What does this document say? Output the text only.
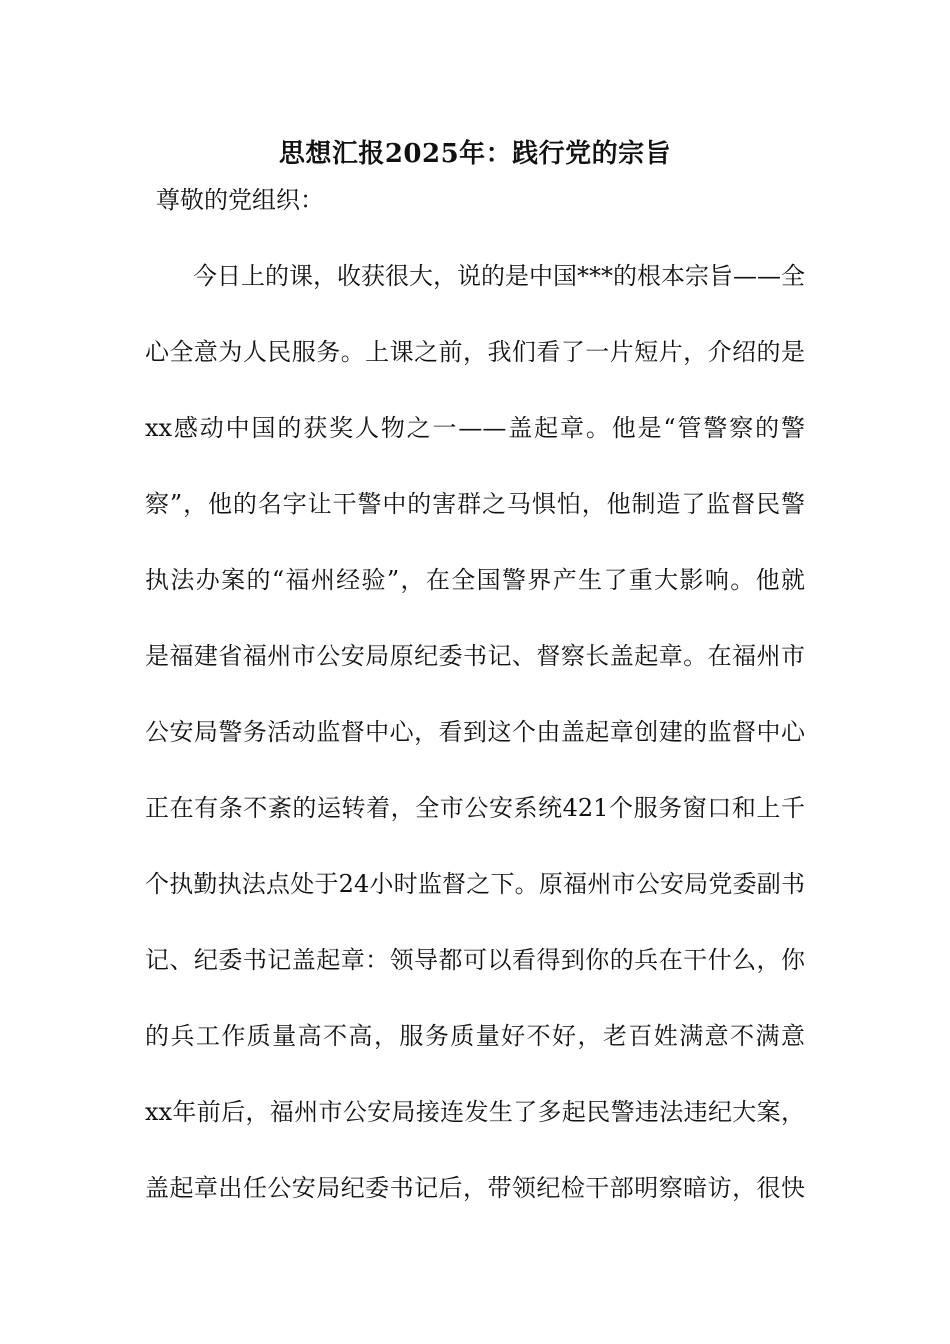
思想汇报2025年：践行党的宗旨
尊敬的党组织：
今日上的课，收获很大，说的是中国***的根本宗旨——全
心全意为人民服务。上课之前，我们看了一片短片，介绍的是
xx感动中国的获奖人物之一——盖起章。他是“管警察的警
察”，他的名字让干警中的害群之马惧怕，他制造了监督民警
执法办案的“福州经验”，在全国警界产生了重大影响。他就
是福建省福州市公安局原纪委书记、督察长盖起章。在福州市
公安局警务活动监督中心，看到这个由盖起章创建的监督中心
正在有条不紊的运转着，全市公安系统421个服务窗口和上千
个执勤执法点处于24小时监督之下。原福州市公安局党委副书
记、纪委书记盖起章：领导都可以看得到你的兵在干什么，你
的兵工作质量高不高，服务质量好不好，老百姓满意不满意
xx年前后，福州市公安局接连发生了多起民警违法违纪大案，
盖起章出任公安局纪委书记后，带领纪检干部明察暗访，很快
